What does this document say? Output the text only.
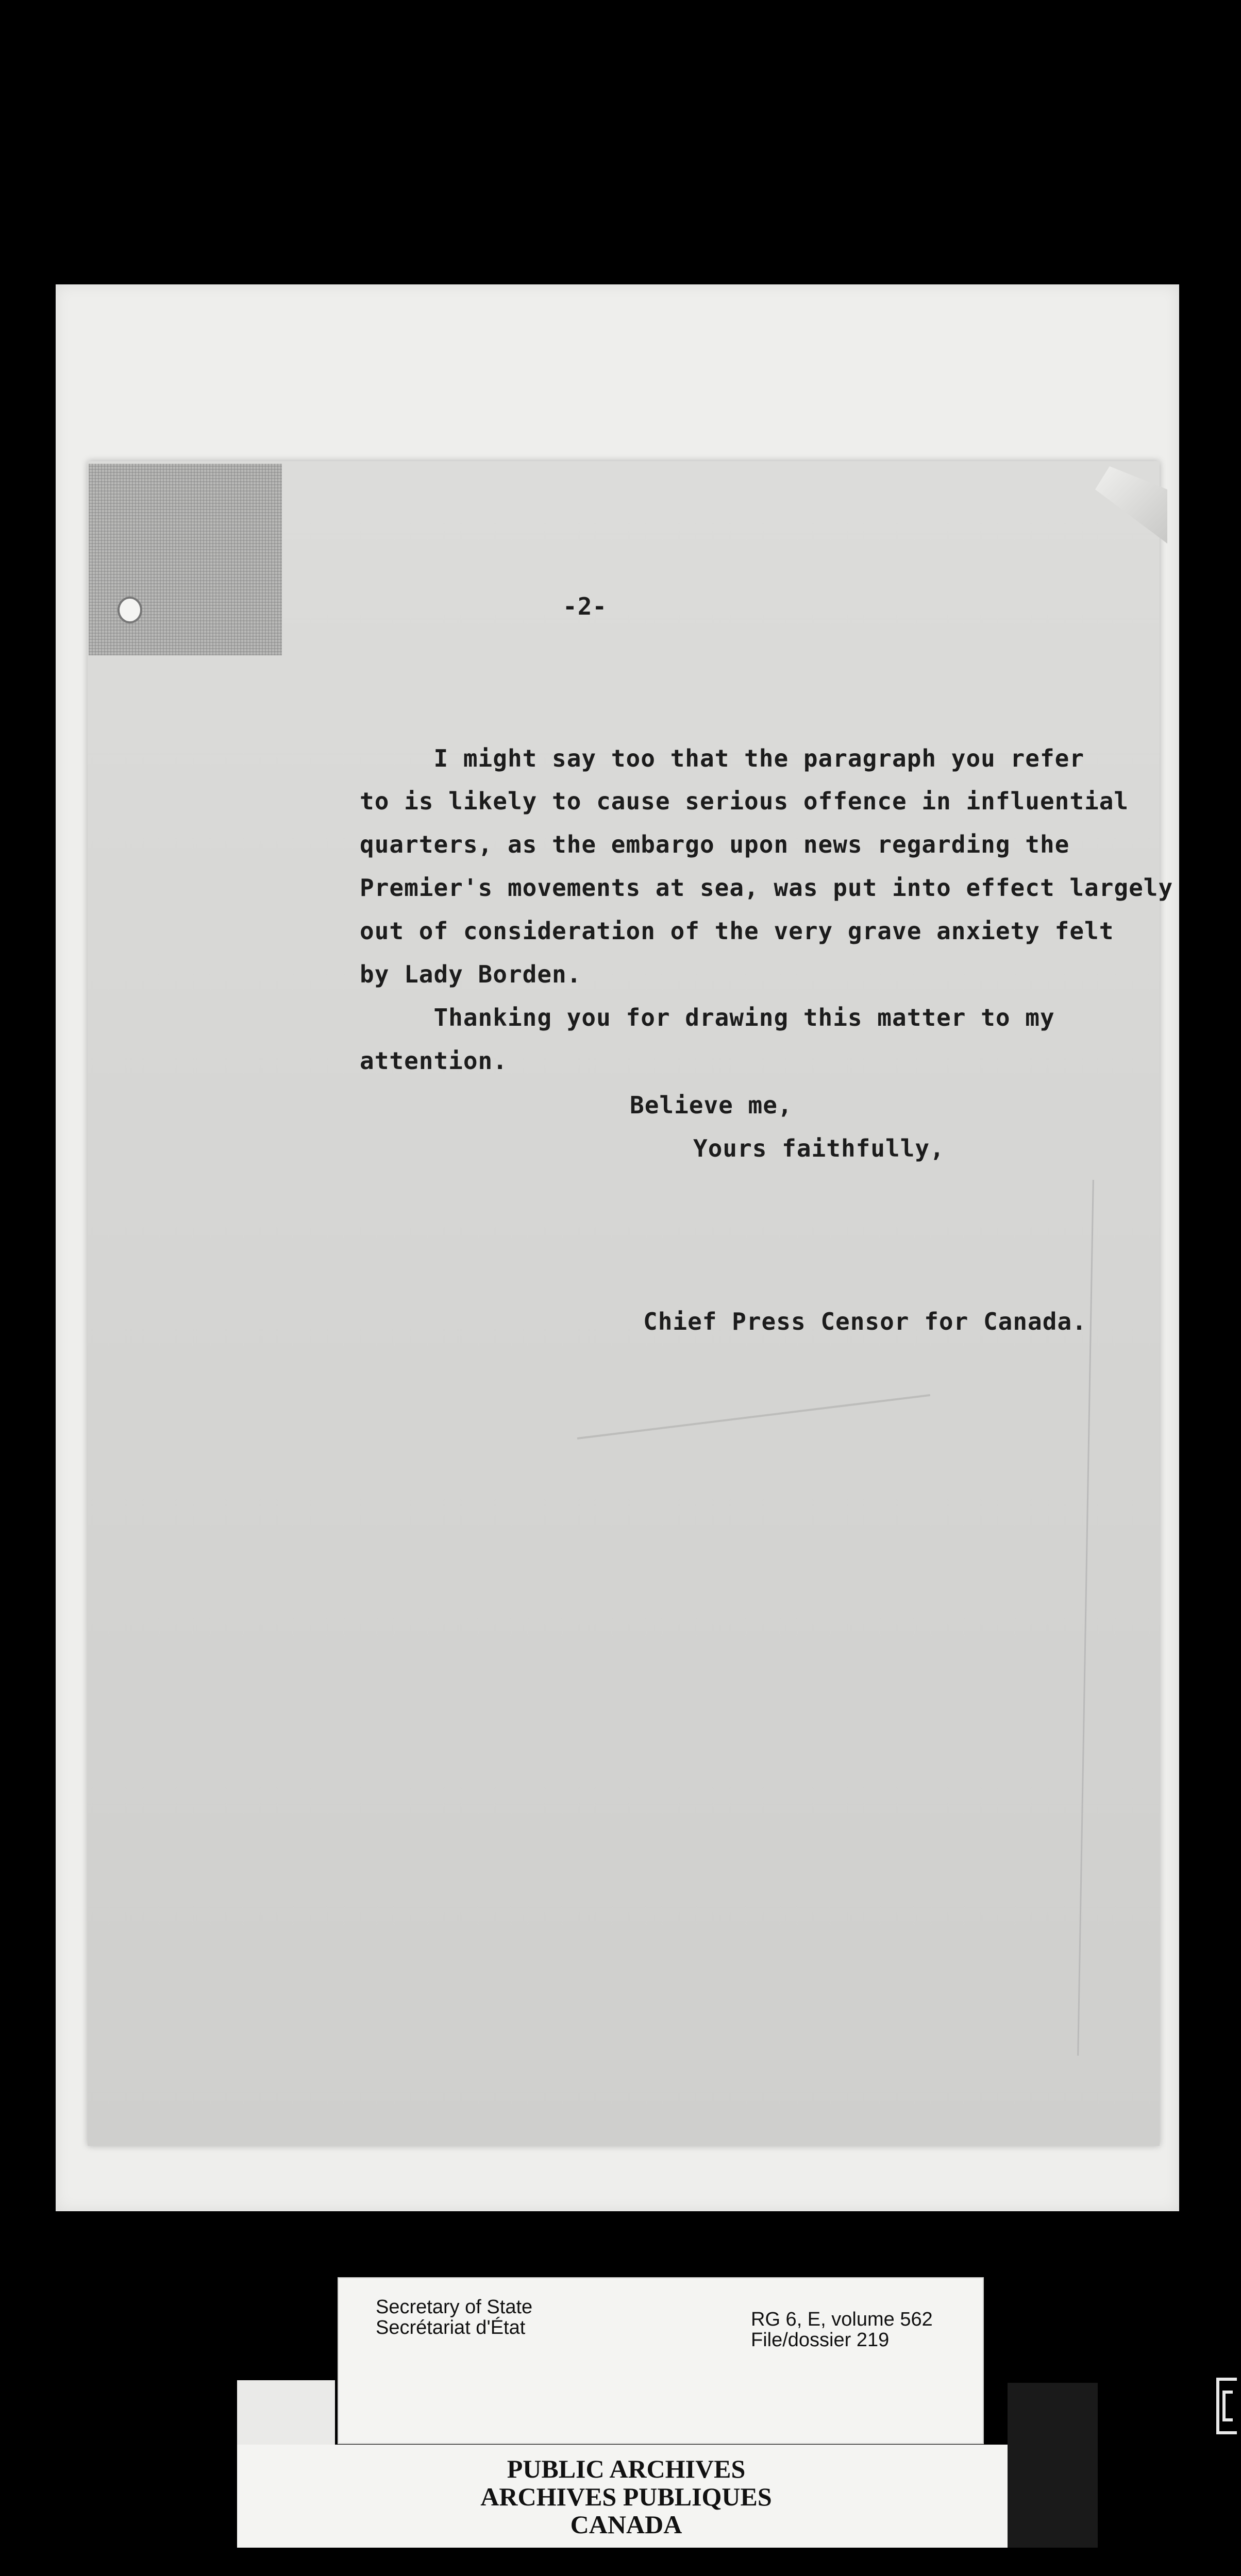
-2-
I might say too that the paragraph you refer
to is likely to cause serious offence in influential
quarters, as the embargo upon news regarding the
Premier's movements at sea, was put into effect largely
out of consideration of the very grave anxiety felt
by Lady Borden.
Thanking you for drawing this matter to my
attention.
Believe me,
Yours faithfully,
Chief Press Censor for Canada.
PUBLIC ARCHIVES
ARCHIVES PUBLIQUES
CANADA
Secretary of State
Secrétariat d'État	RG 6, E, volume 562
File/dossier 219
